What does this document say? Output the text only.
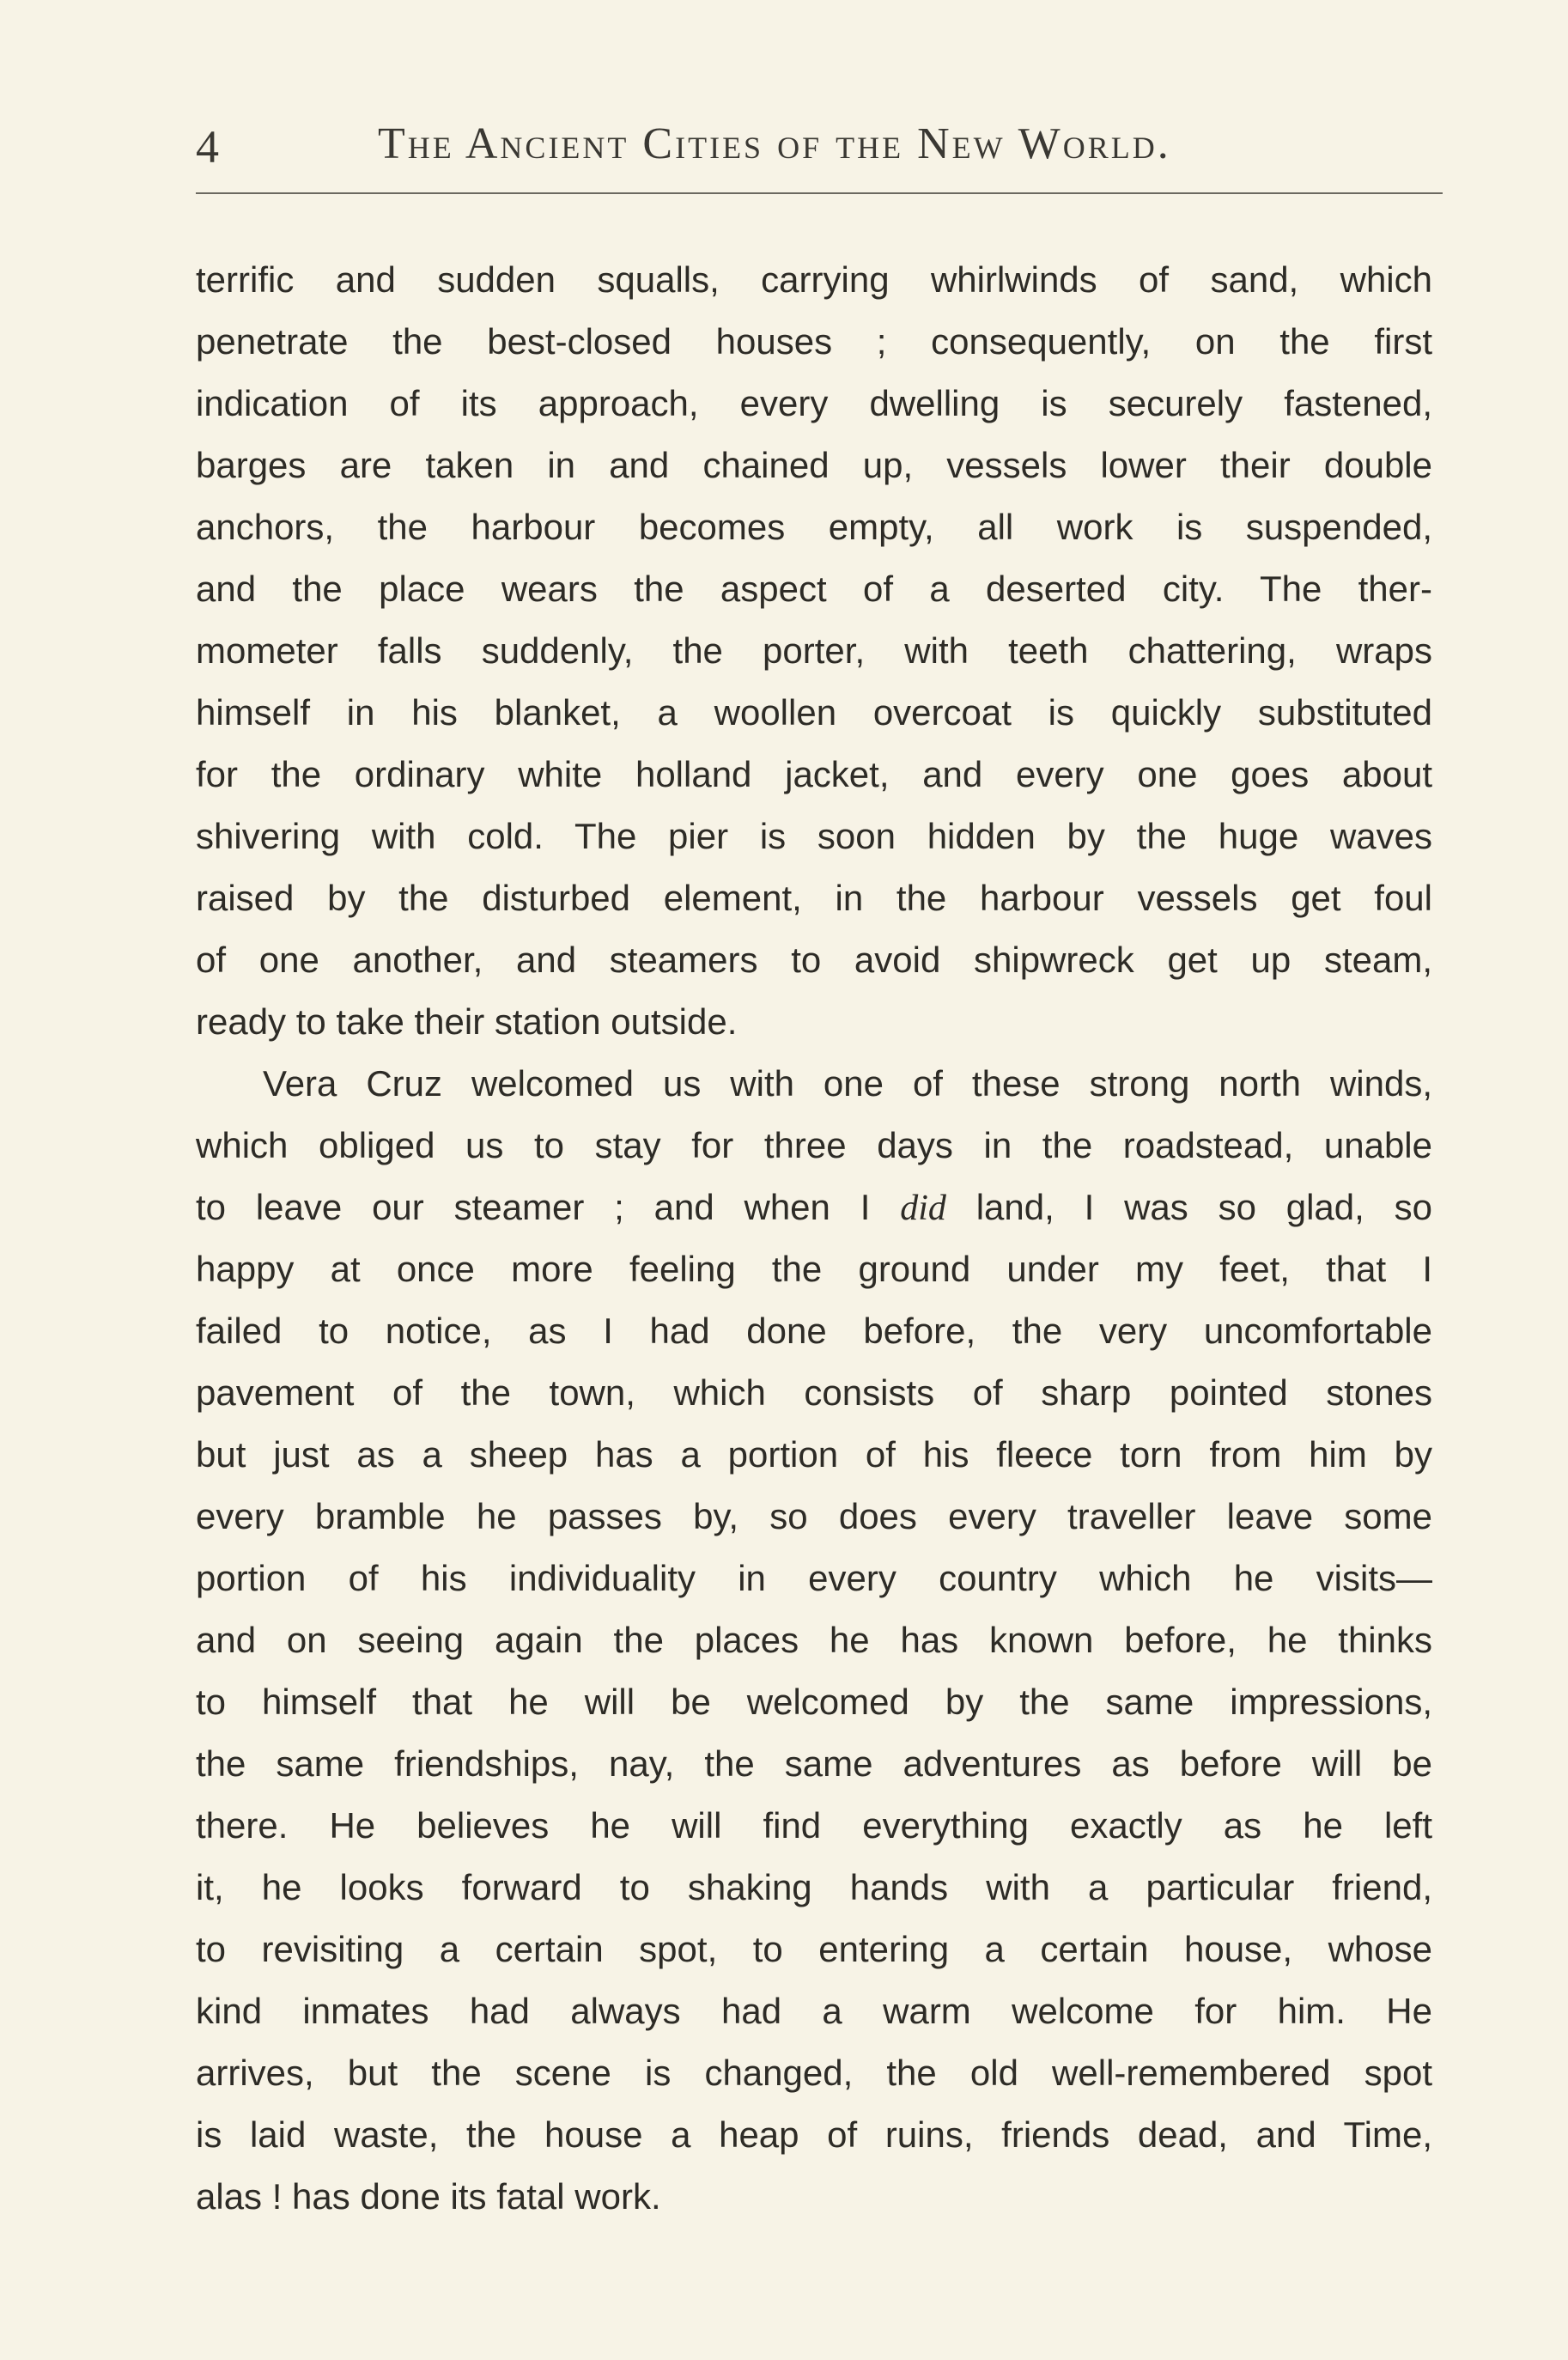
4	The Ancient Cities of the New World.
terrific and sudden squalls, carrying whirlwinds of sand, which
penetrate the best-closed houses ; consequently, on the first
indication of its approach, every dwelling is securely fastened,
barges are taken in and chained up, vessels lower their double
anchors, the harbour becomes empty, all work is suspended,
and the place wears the aspect of a deserted city. The ther-
mometer falls suddenly, the porter, with teeth chattering, wraps
himself in his blanket, a woollen overcoat is quickly substituted
for the ordinary white holland jacket, and every one goes about
shivering with cold. The pier is soon hidden by the huge waves
raised by the disturbed element, in the harbour vessels get foul
of one another, and steamers to avoid shipwreck get up steam,
ready to take their station outside.
Vera Cruz welcomed us with one of these strong north winds,
which obliged us to stay for three days in the roadstead, unable
to leave our steamer ; and when I did land, I was so glad, so
happy at once more feeling the ground under my feet, that I
failed to notice, as I had done before, the very uncomfortable
pavement of the town, which consists of sharp pointed stones
but just as a sheep has a portion of his fleece torn from him by
every bramble he passes by, so does every traveller leave some
portion of his individuality in every country which he visits—
and on seeing again the places he has known before, he thinks
to himself that he will be welcomed by the same impressions,
the same friendships, nay, the same adventures as before will be
there. He believes he will find everything exactly as he left
it, he looks forward to shaking hands with a particular friend,
to revisiting a certain spot, to entering a certain house, whose
kind inmates had always had a warm welcome for him. He
arrives, but the scene is changed, the old well-remembered spot
is laid waste, the house a heap of ruins, friends dead, and Time,
alas ! has done its fatal work.
